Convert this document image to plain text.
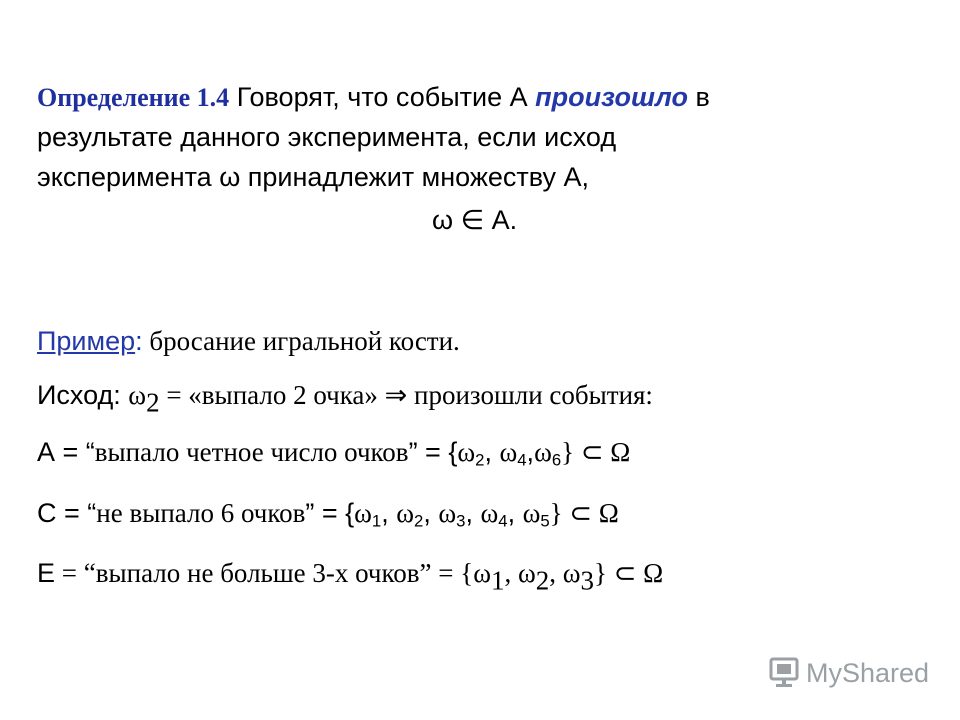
Определение 1.4 Говорят, что событие А произошло в
результате данного эксперимента, если исход
эксперимента ω принадлежит множеству А,
ω ∈ А.
Пример: бросание игральной кости.
Исход: $\omega_2$ = «выпало 2 очка» ⇒ произошли события:
А = “выпало четное число очков” = {$\omega_2$, $\omega_4,\omega_6$} ⊂ Ω
С = “не выпало 6 очков” = {$\omega_1$, $\omega_2$, $\omega_3$, $\omega_4$, $\omega_5$} ⊂ Ω
Е = “выпало не больше 3-х очков” = {$\omega_1$, $\omega_2$, $\omega_3$} ⊂ Ω
MyShared
